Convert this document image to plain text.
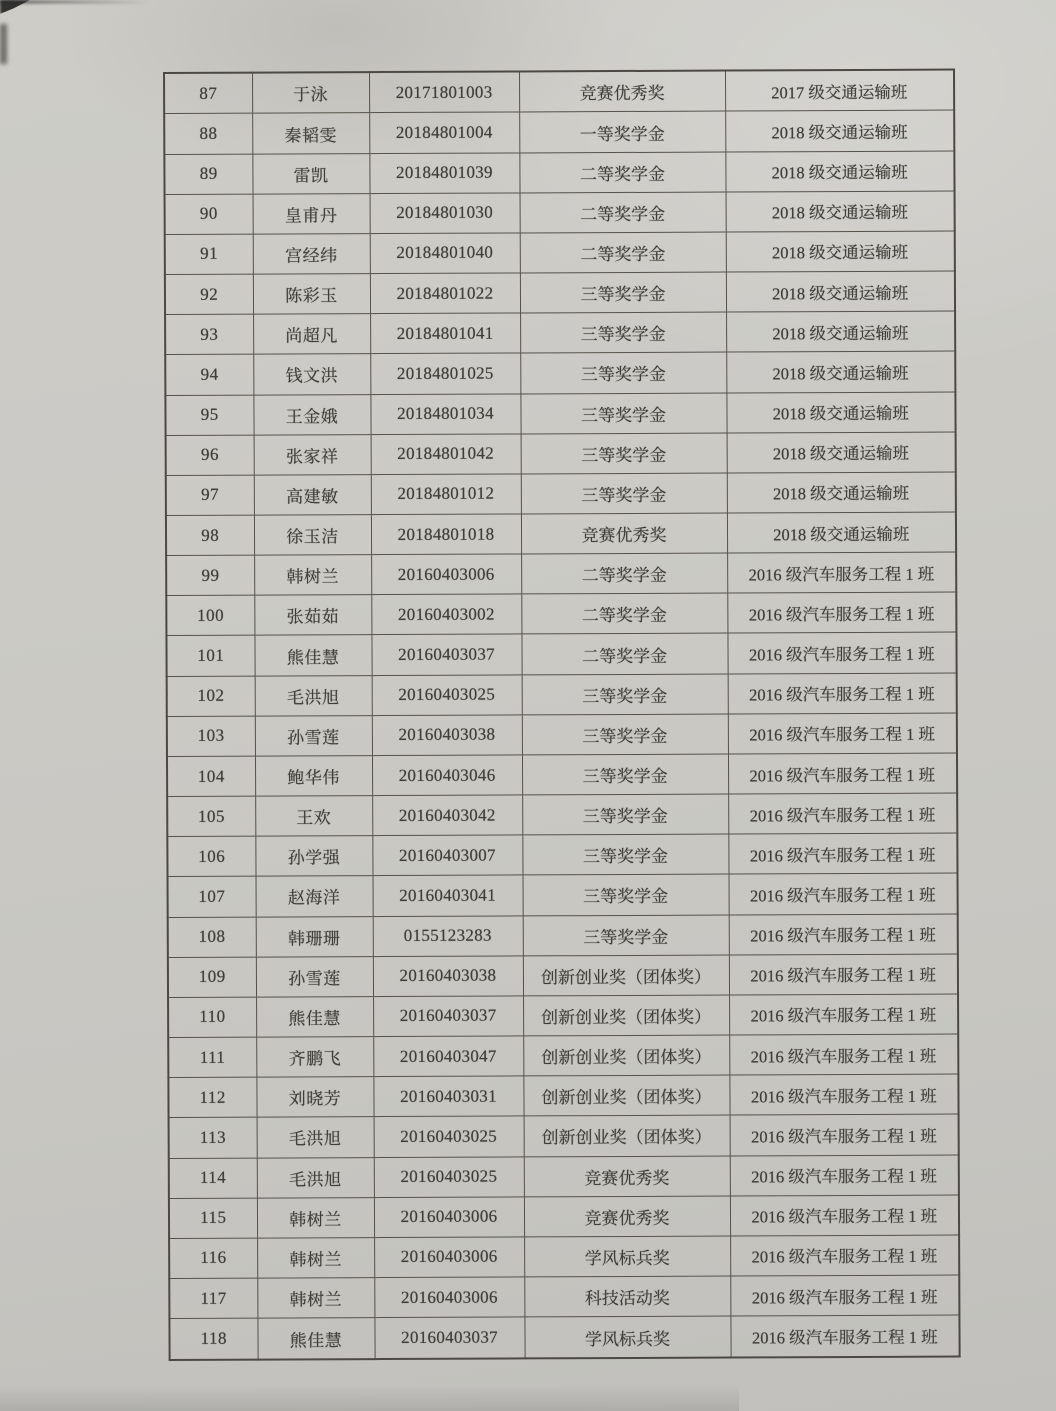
87	于泳	20171801003	竞赛优秀奖	2017 级交通运输班
88	秦韬雯	20184801004	一等奖学金	2018 级交通运输班
89	雷凯	20184801039	二等奖学金	2018 级交通运输班
90	皇甫丹	20184801030	二等奖学金	2018 级交通运输班
91	宫经纬	20184801040	二等奖学金	2018 级交通运输班
92	陈彩玉	20184801022	三等奖学金	2018 级交通运输班
93	尚超凡	20184801041	三等奖学金	2018 级交通运输班
94	钱文洪	20184801025	三等奖学金	2018 级交通运输班
95	王金娥	20184801034	三等奖学金	2018 级交通运输班
96	张家祥	20184801042	三等奖学金	2018 级交通运输班
97	高建敏	20184801012	三等奖学金	2018 级交通运输班
98	徐玉洁	20184801018	竞赛优秀奖	2018 级交通运输班
99	韩树兰	20160403006	二等奖学金	2016 级汽车服务工程 1 班
100	张茹茹	20160403002	二等奖学金	2016 级汽车服务工程 1 班
101	熊佳慧	20160403037	二等奖学金	2016 级汽车服务工程 1 班
102	毛洪旭	20160403025	三等奖学金	2016 级汽车服务工程 1 班
103	孙雪莲	20160403038	三等奖学金	2016 级汽车服务工程 1 班
104	鲍华伟	20160403046	三等奖学金	2016 级汽车服务工程 1 班
105	王欢	20160403042	三等奖学金	2016 级汽车服务工程 1 班
106	孙学强	20160403007	三等奖学金	2016 级汽车服务工程 1 班
107	赵海洋	20160403041	三等奖学金	2016 级汽车服务工程 1 班
108	韩珊珊	0155123283	三等奖学金	2016 级汽车服务工程 1 班
109	孙雪莲	20160403038	创新创业奖（团体奖）	2016 级汽车服务工程 1 班
110	熊佳慧	20160403037	创新创业奖（团体奖）	2016 级汽车服务工程 1 班
111	齐鹏飞	20160403047	创新创业奖（团体奖）	2016 级汽车服务工程 1 班
112	刘晓芳	20160403031	创新创业奖（团体奖）	2016 级汽车服务工程 1 班
113	毛洪旭	20160403025	创新创业奖（团体奖）	2016 级汽车服务工程 1 班
114	毛洪旭	20160403025	竞赛优秀奖	2016 级汽车服务工程 1 班
115	韩树兰	20160403006	竞赛优秀奖	2016 级汽车服务工程 1 班
116	韩树兰	20160403006	学风标兵奖	2016 级汽车服务工程 1 班
117	韩树兰	20160403006	科技活动奖	2016 级汽车服务工程 1 班
118	熊佳慧	20160403037	学风标兵奖	2016 级汽车服务工程 1 班
